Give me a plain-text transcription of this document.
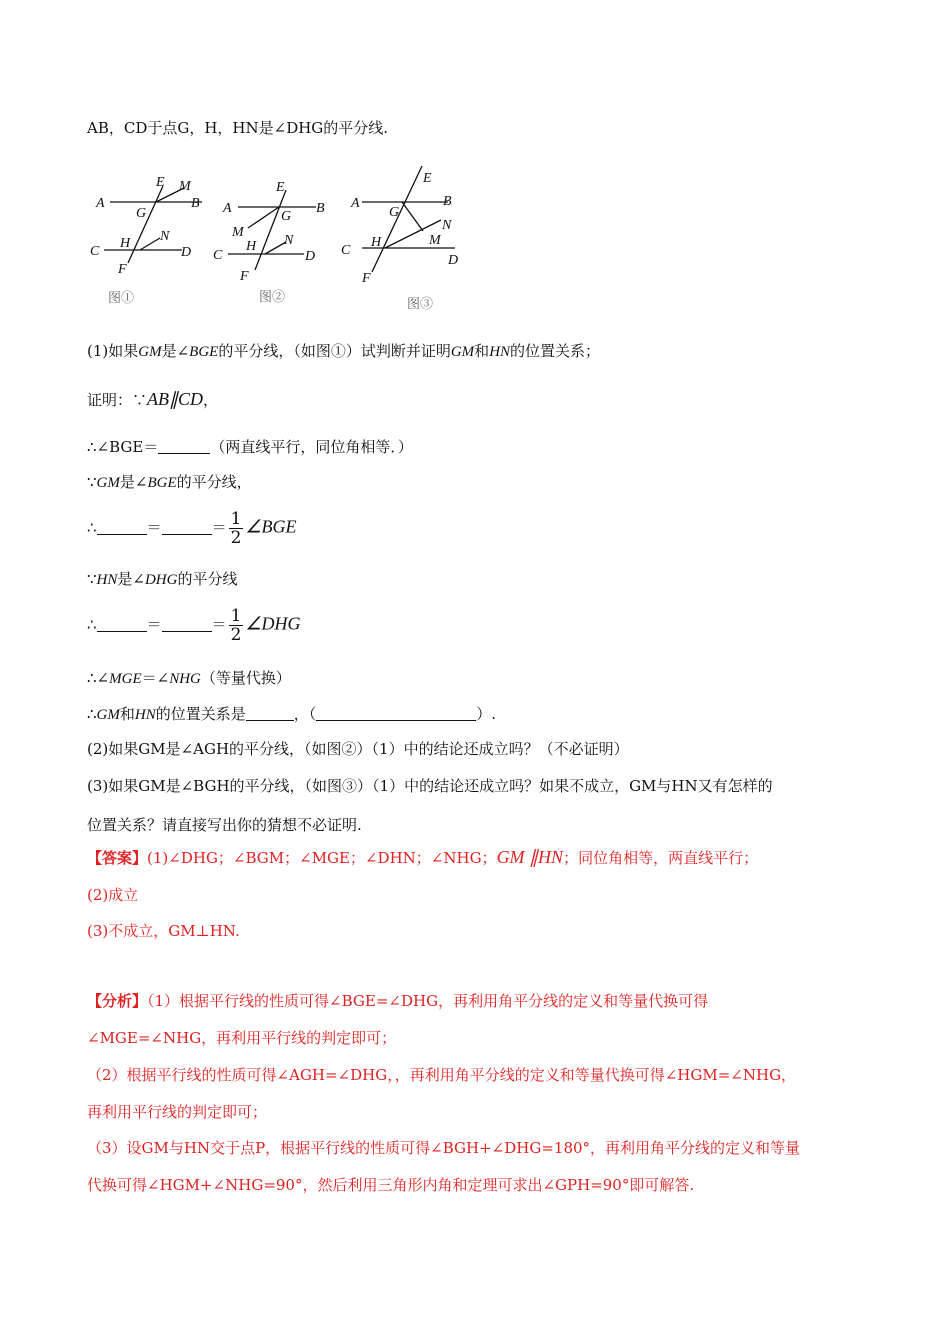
AB，CD于点G，H，HN是∠DHG的平分线.
A	B
C	D
E
F
G
H
M
N
图①
A	B
C	D
E
F
G
H
M
N
图②
A	B
C
D
E
F
G
H	M
N
图③
(1)如果GM是∠BGE的平分线，（如图①）试判断并证明GM和HN的位置关系；
证明：∵AB∥CD，
∴∠BGE＝	（两直线平行，同位角相等．）
∵GM是∠BGE的平分线，
∴	＝	＝ $\frac{1}{2}$ ∠BGE
∵HN是∠DHG的平分线
∴	＝	＝ $\frac{1}{2}$ ∠DHG
∴∠MGE＝∠NHG（等量代换）
∴GM和HN的位置关系是	，（	）.
(2)如果GM是∠AGH的平分线，（如图②）（1）中的结论还成立吗？（不必证明）
(3)如果GM是∠BGH的平分线，（如图③）（1）中的结论还成立吗？如果不成立，GM与HN又有怎样的
位置关系？请直接写出你的猜想不必证明.
【答案】(1)∠DHG；∠BGM；∠MGE；∠DHN；∠NHG；GM ∥HN；同位角相等，两直线平行；
(2)成立
(3)不成立，GM⊥HN.
【分析】（1）根据平行线的性质可得∠BGE=∠DHG，再利用角平分线的定义和等量代换可得
∠MGE=∠NHG，再利用平行线的判定即可；
（2）根据平行线的性质可得∠AGH=∠DHG，，再利用角平分线的定义和等量代换可得∠HGM=∠NHG，
再利用平行线的判定即可；
（3）设GM与HN交于点P，根据平行线的性质可得∠BGH+∠DHG=180°，再利用角平分线的定义和等量
代换可得∠HGM+∠NHG=90°，然后利用三角形内角和定理可求出∠GPH=90°即可解答.
